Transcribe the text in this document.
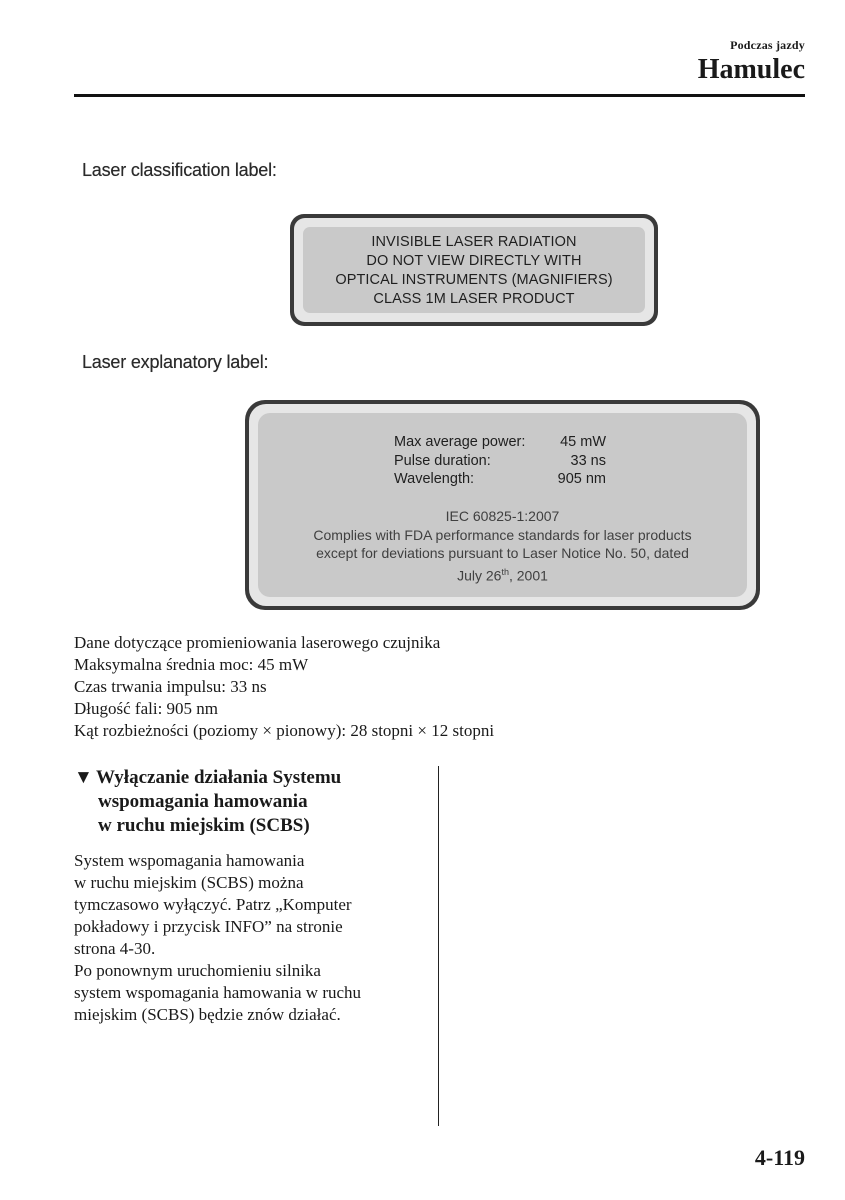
Podczas jazdy
Hamulec
Laser classification label:
INVISIBLE LASER RADIATION
DO NOT VIEW DIRECTLY WITH
OPTICAL INSTRUMENTS (MAGNIFIERS)
CLASS 1M LASER PRODUCT
Laser explanatory label:
Max average power:	45 mW
Pulse duration:	33 ns
Wavelength:	905 nm
IEC 60825-1:2007
Complies with FDA performance standards for laser products
except for deviations pursuant to Laser Notice No. 50, dated
July 26th, 2001
Dane dotyczące promieniowania laserowego czujnika
Maksymalna średnia moc: 45 mW
Czas trwania impulsu: 33 ns
Długość fali: 905 nm
Kąt rozbieżności (poziomy × pionowy): 28 stopni × 12 stopni
▼ Wyłączanie działania Systemu
wspomagania hamowania
w ruchu miejskim (SCBS)
System wspomagania hamowania
w ruchu miejskim (SCBS) można
tymczasowo wyłączyć. Patrz „Komputer
pokładowy i przycisk INFO” na stronie
strona 4-30.
Po ponownym uruchomieniu silnika
system wspomagania hamowania w ruchu
miejskim (SCBS) będzie znów działać.
4-119
